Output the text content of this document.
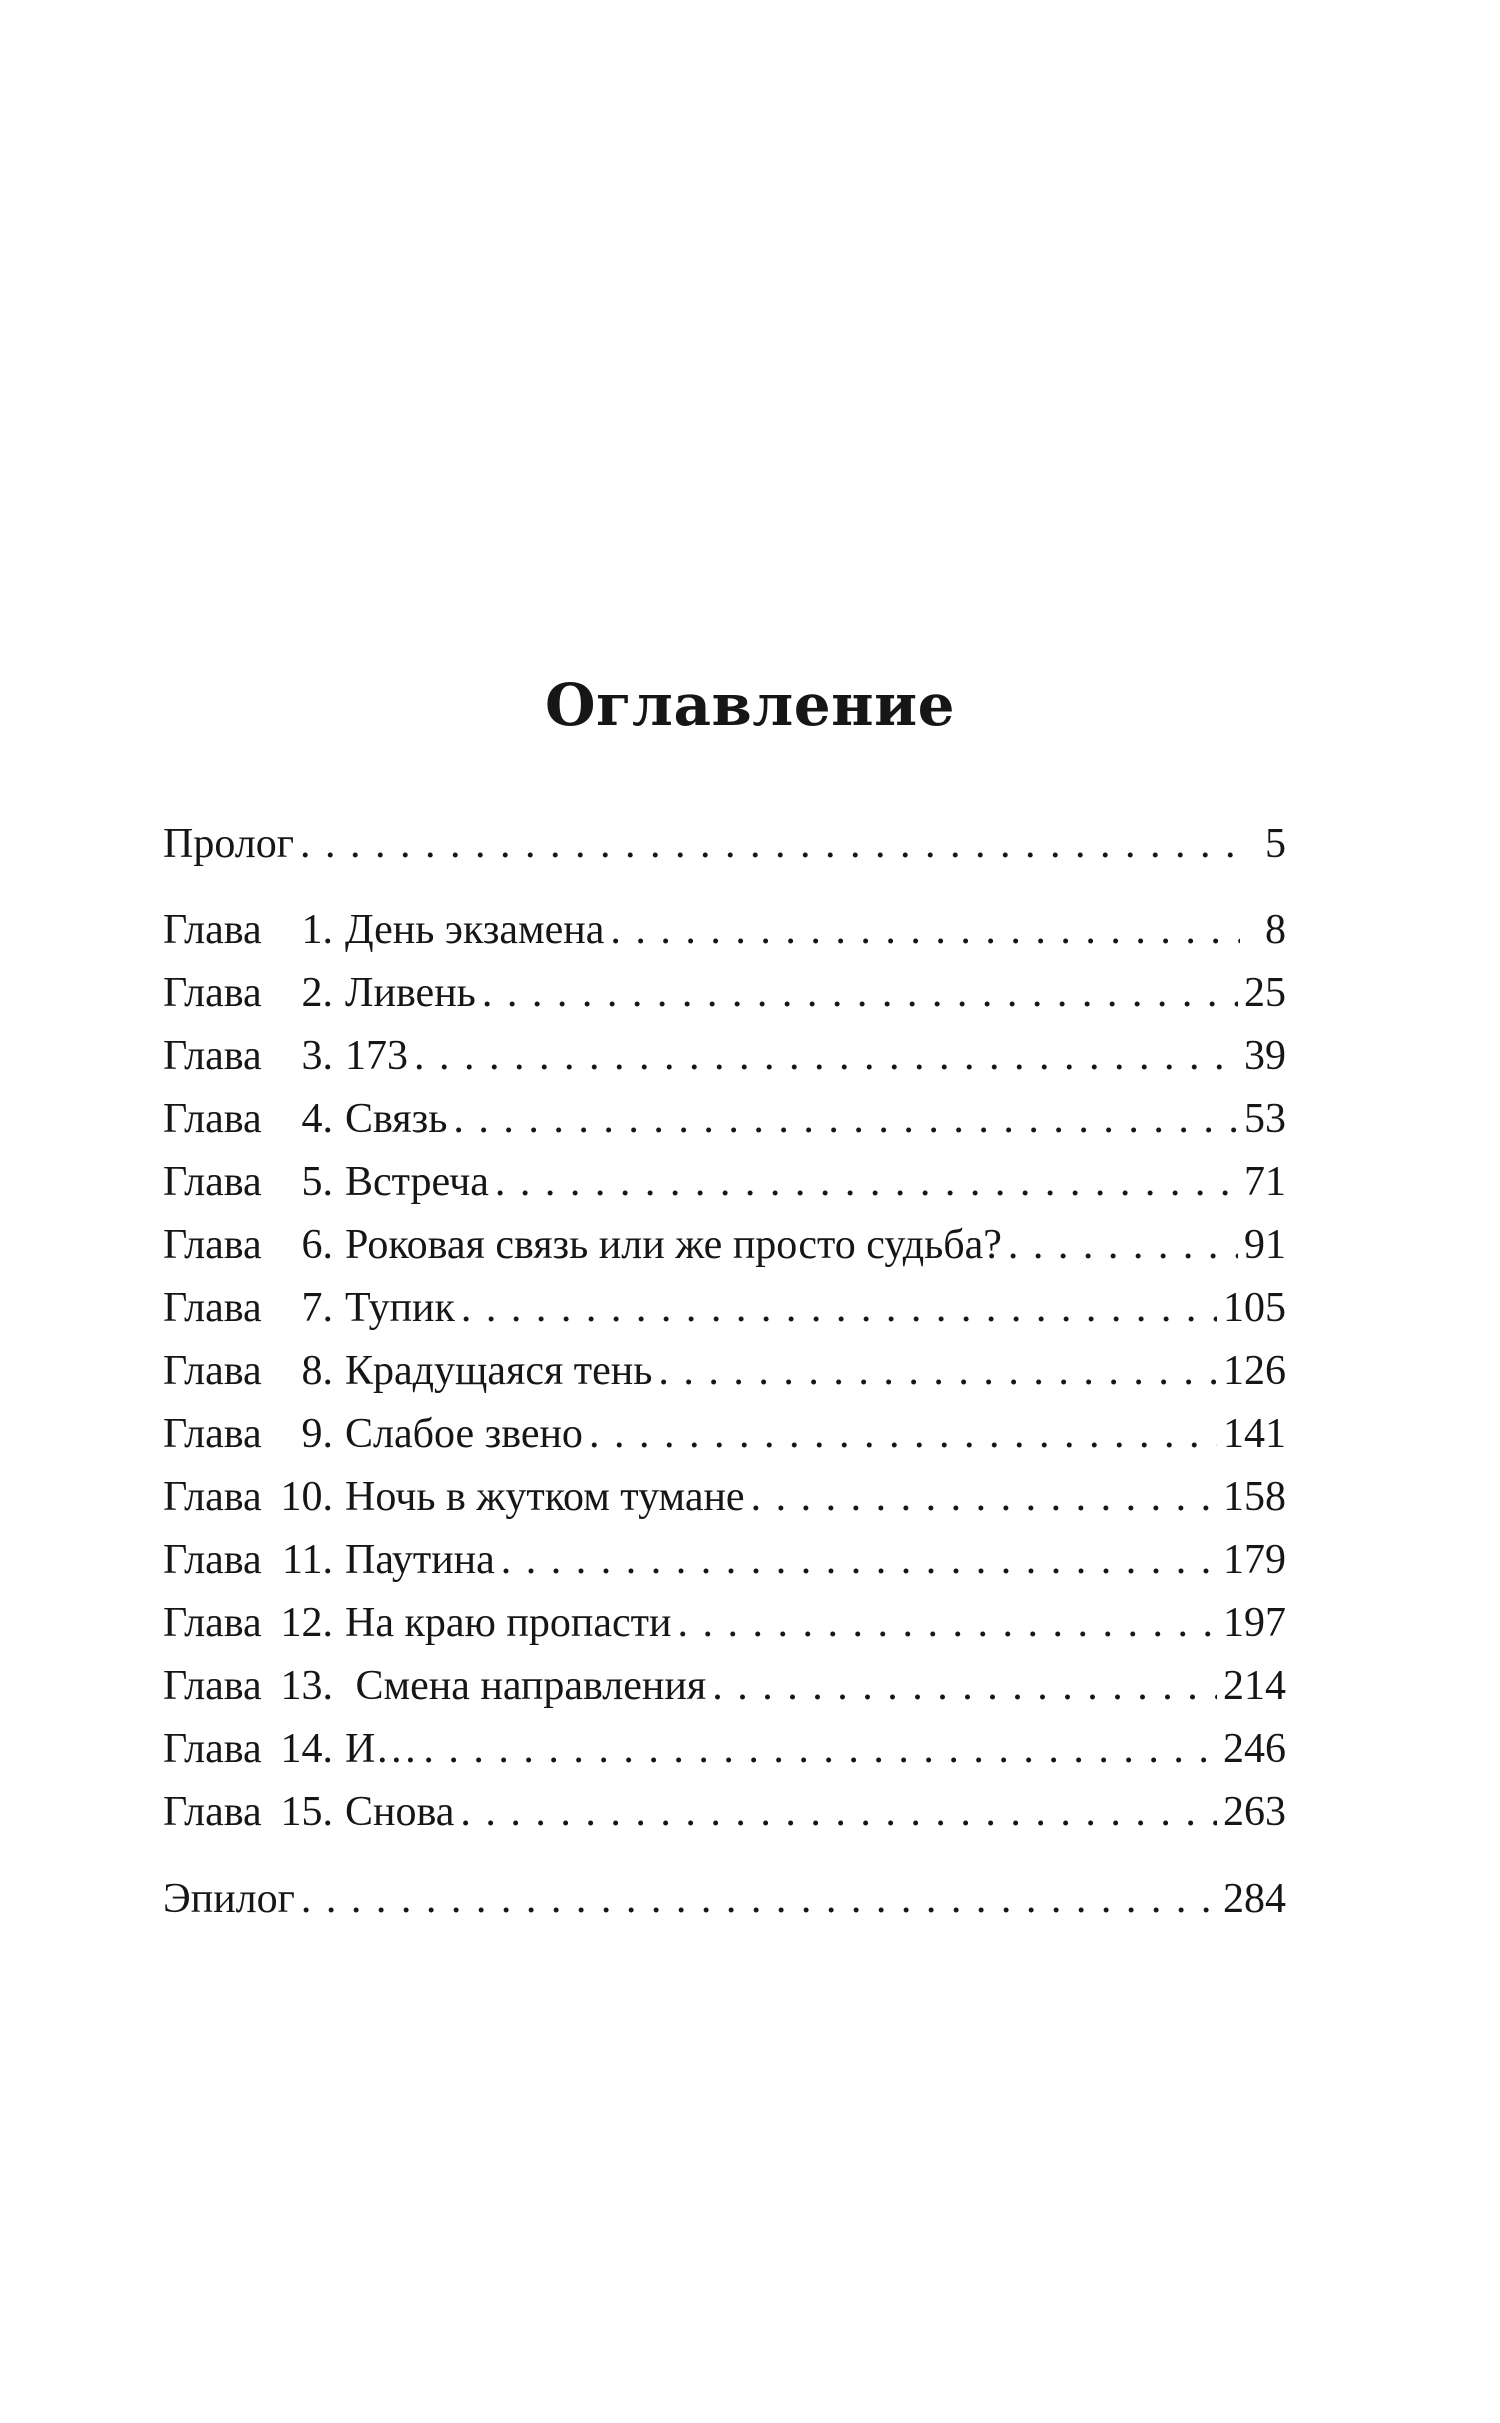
Оглавление
Пролог . . .	5
Глава 1. День экзамена . . .	8
Глава 2. Ливень . . .	25
Глава 3. 173 . . .	39
Глава 4. Связь . . .	53
Глава 5. Встреча . . .	71
Глава 6. Роковая связь или же просто судьба? . . .	91
Глава 7. Тупик . . .	105
Глава 8. Крадущаяся тень . . .	126
Глава 9. Слабое звено . . .	141
Глава 10. Ночь в жутком тумане . . .	158
Глава 11. Паутина . . .	179
Глава 12. На краю пропасти . . .	197
Глава 13. Смена направления . . .	214
Глава 14. И… . . .	246
Глава 15. Снова . . .	263
Эпилог . . .	284
